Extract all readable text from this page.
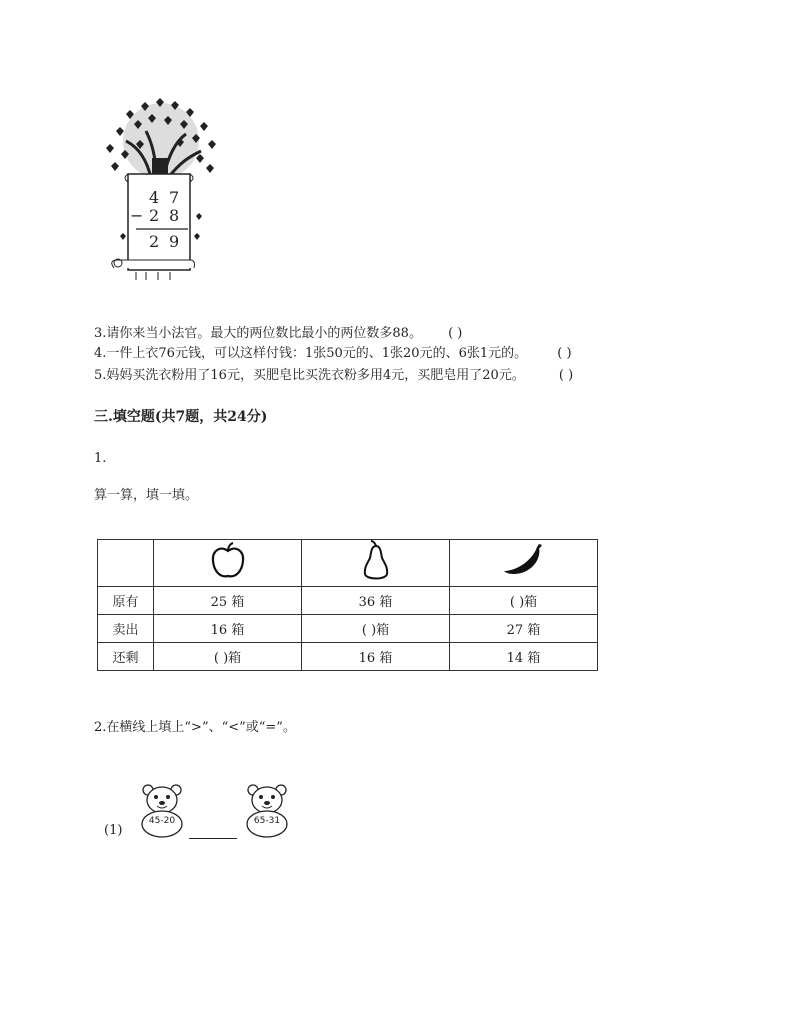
4 7
− 2 8
2 9
3.请你来当小法官。最大的两位数比最小的两位数多88。 ( )
4.一件上衣76元钱，可以这样付钱：1张50元的、1张20元的、6张1元的。 ( )
5.妈妈买洗衣粉用了16元，买肥皂比买洗衣粉多用4元，买肥皂用了20元。	( )
三.填空题(共7题，共24分)
1.
算一算，填一填。

原有	25 箱	36 箱	( )箱
卖出	16 箱	( )箱	27 箱
还剩	( )箱	16 箱	14 箱
2.在横线上填上“>”、“<”或“=”。
(1)
45-20	65-31
